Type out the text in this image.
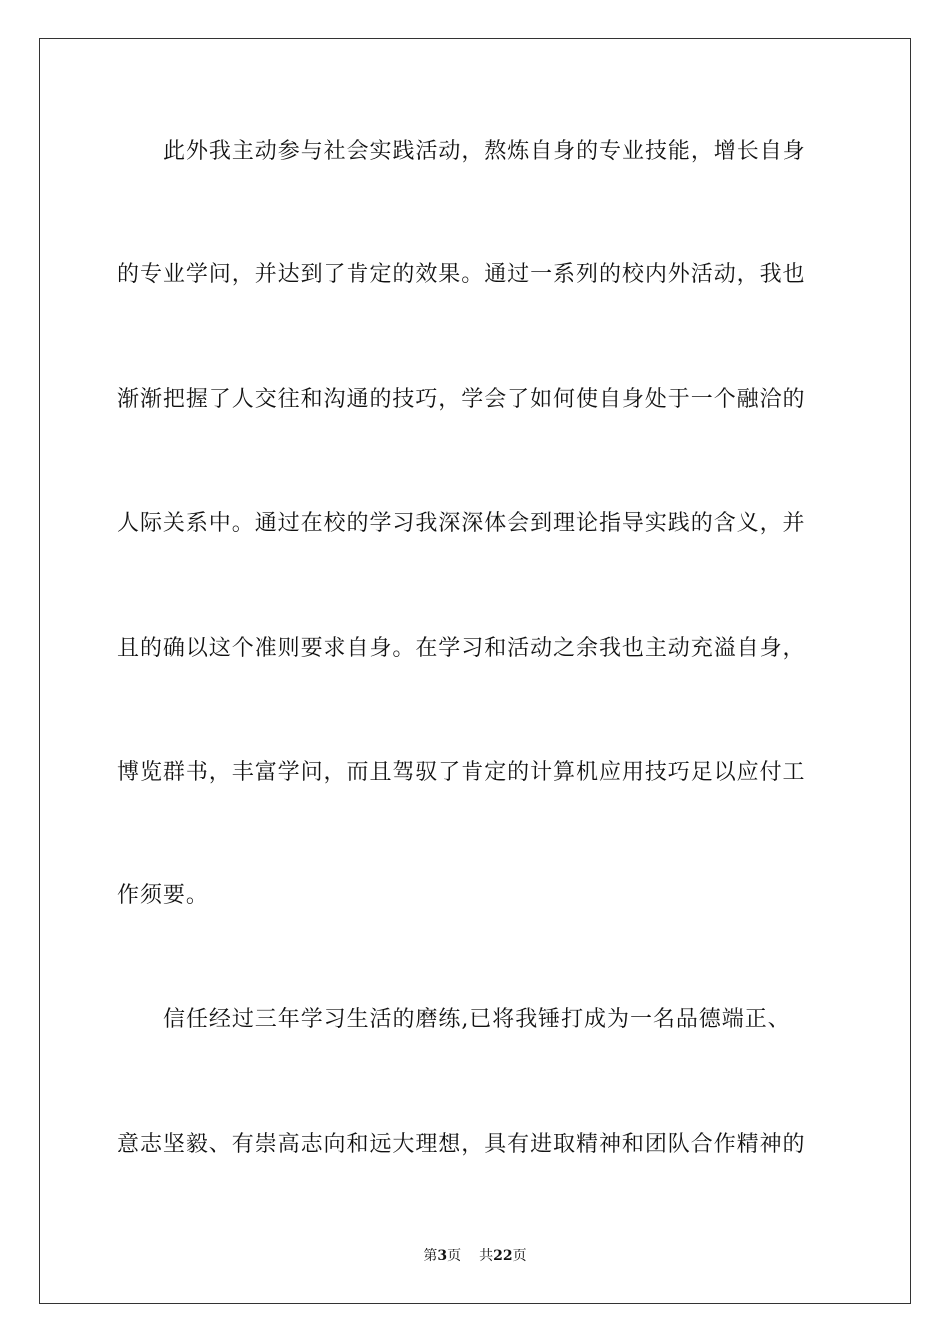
此外我主动参与社会实践活动，熬炼自身的专业技能，增长自身
的专业学问，并达到了肯定的效果。通过一系列的校内外活动，我也
渐渐把握了人交往和沟通的技巧，学会了如何使自身处于一个融洽的
人际关系中。通过在校的学习我深深体会到理论指导实践的含义，并
且的确以这个准则要求自身。在学习和活动之余我也主动充溢自身，
博览群书，丰富学问，而且驾驭了肯定的计算机应用技巧足以应付工
作须要。
信任经过三年学习生活的磨练,已将我锤打成为一名品德端正、
意志坚毅、有崇高志向和远大理想，具有进取精神和团队合作精神的
第3页 共22页
